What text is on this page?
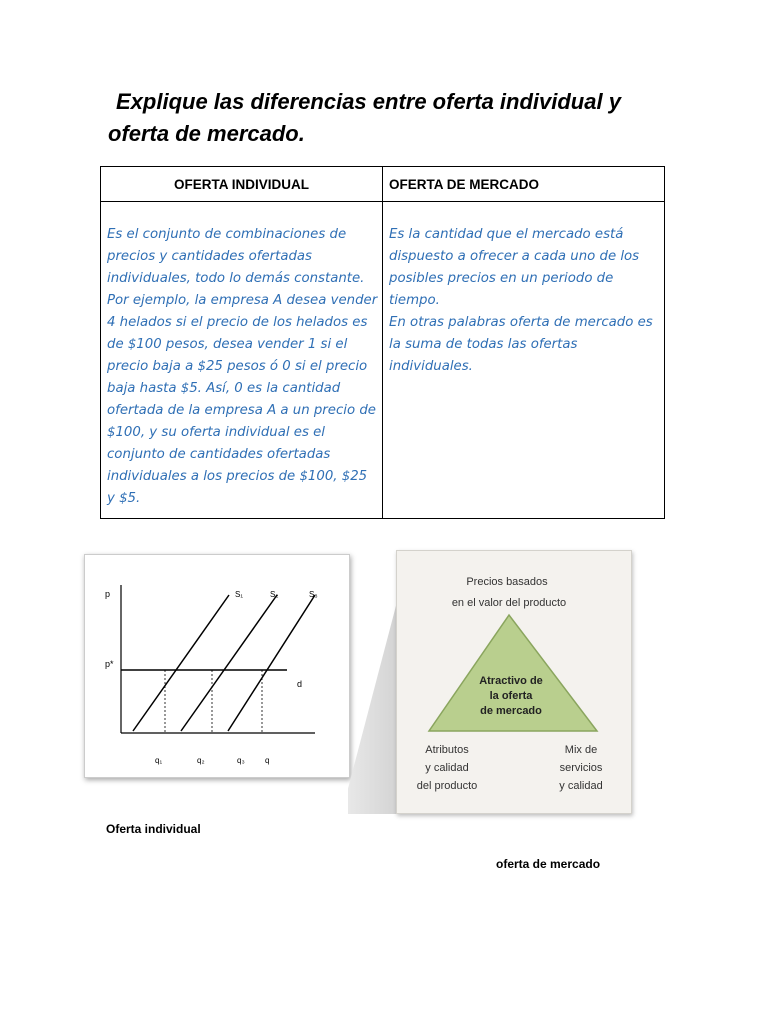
Explique las diferencias entre oferta individual y
oferta de mercado.
OFERTA INDIVIDUAL	OFERTA DE MERCADO

Es el conjunto de combinaciones de precios y cantidades ofertadas individuales, todo lo demás constante. Por ejemplo, la empresa A desea vender 4 helados si el precio de los helados es de $100 pesos, desea vender 1 si el precio baja a $25 pesos ó 0 si el precio baja hasta $5. Así, 0 es la cantidad ofertada de la empresa A a un precio de $100, y su oferta individual es el conjunto de cantidades ofertadas individuales a los precios de $100, $25 y $5.	Es la cantidad que el mercado está dispuesto a ofrecer a cada uno de los posibles precios en un periodo de tiempo.
En otras palabras oferta de mercado es la suma de todas las ofertas individuales.
p
p*
d
S₁	S₂	S₃
q₁	q₂	q₃	q
Precios basados
en el valor del producto
Atractivo de
la oferta
de mercado
Atributos
y calidad
del producto
Mix de
servicios
y calidad
Oferta individual
oferta de mercado
